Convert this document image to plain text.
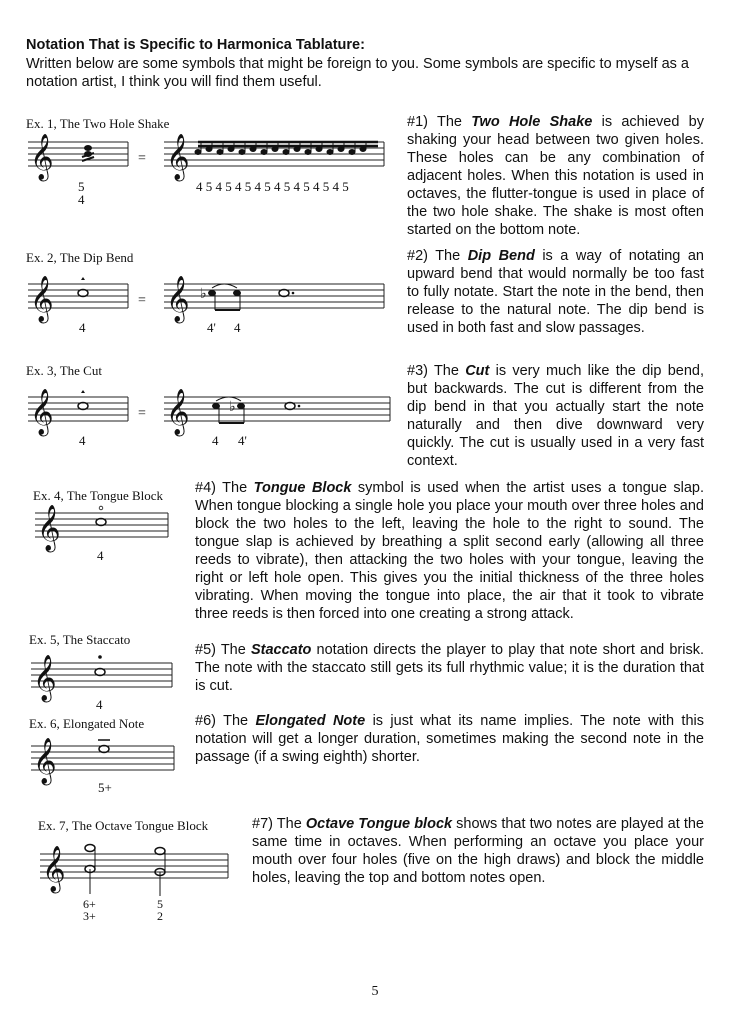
Notation That is Specific to Harmonica Tablature:
Written below are some symbols that might be foreign to you. Some symbols are specific to myself as a notation artist, I think you will find them useful.
Ex. 1, The Two Hole Shake
𝄞	𝄞
=
5
4
4 5 4 5 4 5 4 5 4 5 4 5 4 5 4 5
#1) The Two Hole Shake is achieved by shaking your head between two given holes. These holes can be any combination of adjacent holes. When this notation is used in octaves, the flutter-tongue is used in place of the two hole shake. The shake is most often started on the bottom note.
Ex. 2, The Dip Bend
𝄞	𝄞 ♭
=
4	4' 4
#2) The Dip Bend is a way of notating an upward bend that would normally be too fast to fully notate. Start the note in the bend, then release to the natural note. The dip bend is used in both fast and slow passages.
Ex. 3, The Cut
𝄞	𝄞	♭
=
4	4 4'
#3) The Cut is very much like the dip bend, but backwards. The cut is different from the dip bend in that you actually start the note naturally and then dive downward very quickly. The cut is usually used in a very fast context.
Ex. 4, The Tongue Block
𝄞
4
#4) The Tongue Block symbol is used when the artist uses a tongue slap. When tongue blocking a single hole you place your mouth over three holes and block the two holes to the left, leaving the hole to the right to sound. The tongue slap is achieved by breathing a split second early (allowing all three reeds to vibrate), then attacking the two holes with your tongue, leaving the right or left hole open. This gives you the initial thickness of the three holes vibrating. When moving the tongue into place, the air that it took to vibrate three reeds is then forced into one creating a strong attack.
Ex. 5, The Staccato
𝄞
4
#5) The Staccato notation directs the player to play that note short and brisk. The note with the staccato still gets its full rhythmic value; it is the duration that is cut.
Ex. 6, Elongated Note
𝄞
5+
#6) The Elongated Note is just what its name implies. The note with this notation will get a longer duration, sometimes making the second note in the passage (if a swing eighth) shorter.
Ex. 7, The Octave Tongue Block
𝄞
6+
3+
5
2
#7) The Octave Tongue block shows that two notes are played at the same time in octaves. When performing an octave you place your mouth over four holes (five on the high draws) and block the middle holes, leaving the top and bottom notes open.
5
